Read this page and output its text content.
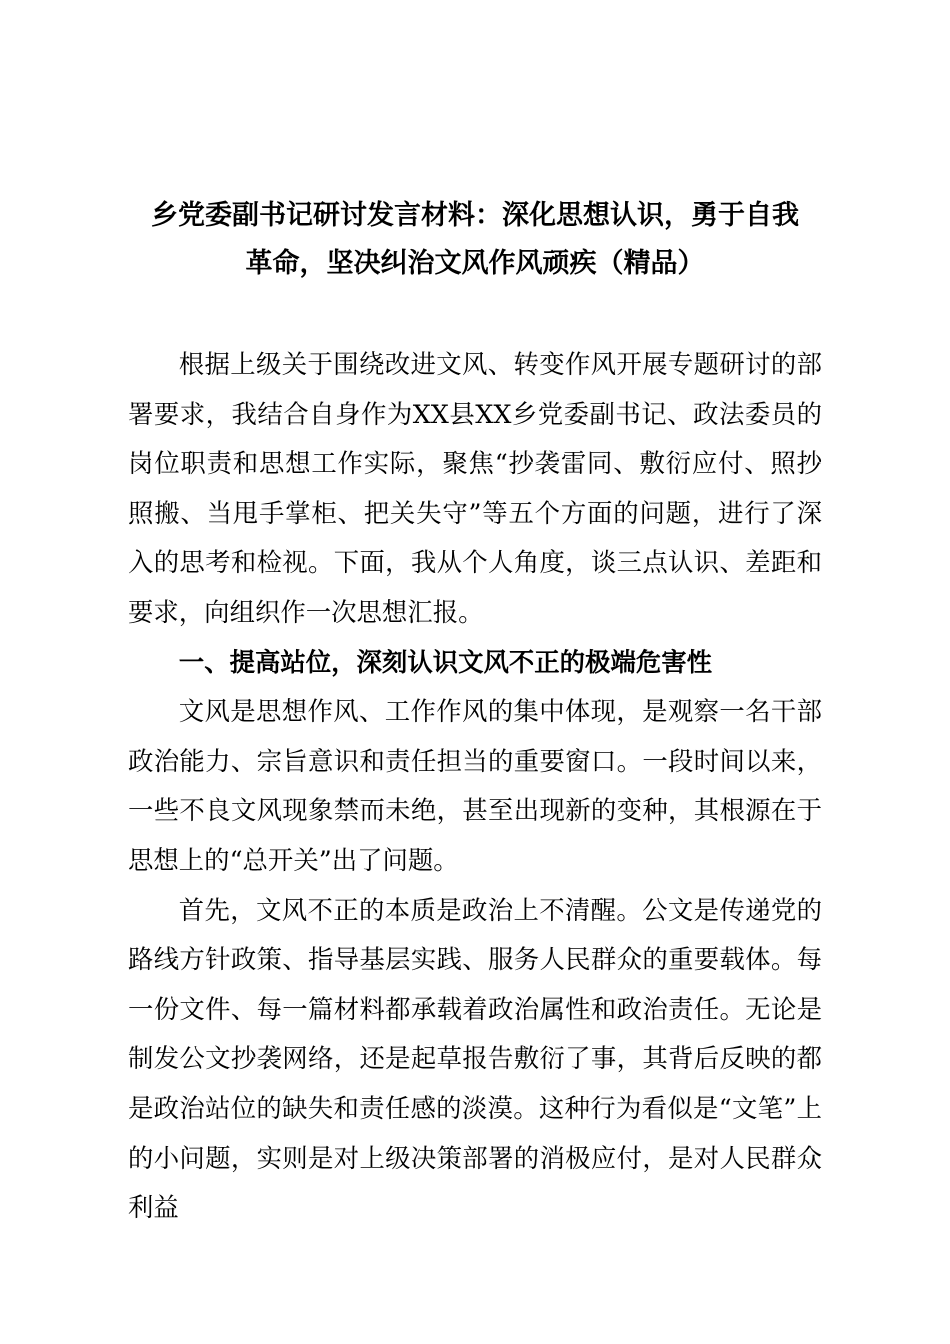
乡党委副书记研讨发言材料：深化思想认识，勇于自我
革命，坚决纠治文风作风顽疾（精品）

根据上级关于围绕改进文风、转变作风开展专题研讨的部署要求，我结合自身作为XX县XX乡党委副书记、政法委员的岗位职责和思想工作实际，聚焦“抄袭雷同、敷衍应付、照抄照搬、当甩手掌柜、把关失守”等五个方面的问题，进行了深入的思考和检视。下面，我从个人角度，谈三点认识、差距和要求，向组织作一次思想汇报。

一、提高站位，深刻认识文风不正的极端危害性

文风是思想作风、工作作风的集中体现，是观察一名干部政治能力、宗旨意识和责任担当的重要窗口。一段时间以来，一些不良文风现象禁而未绝，甚至出现新的变种，其根源在于思想上的“总开关”出了问题。

首先，文风不正的本质是政治上不清醒。公文是传递党的路线方针政策、指导基层实践、服务人民群众的重要载体。每一份文件、每一篇材料都承载着政治属性和政治责任。无论是制发公文抄袭网络，还是起草报告敷衍了事，其背后反映的都是政治站位的缺失和责任感的淡漠。这种行为看似是“文笔”上的小问题，实则是对上级决策部署的消极应付，是对人民群众利益
